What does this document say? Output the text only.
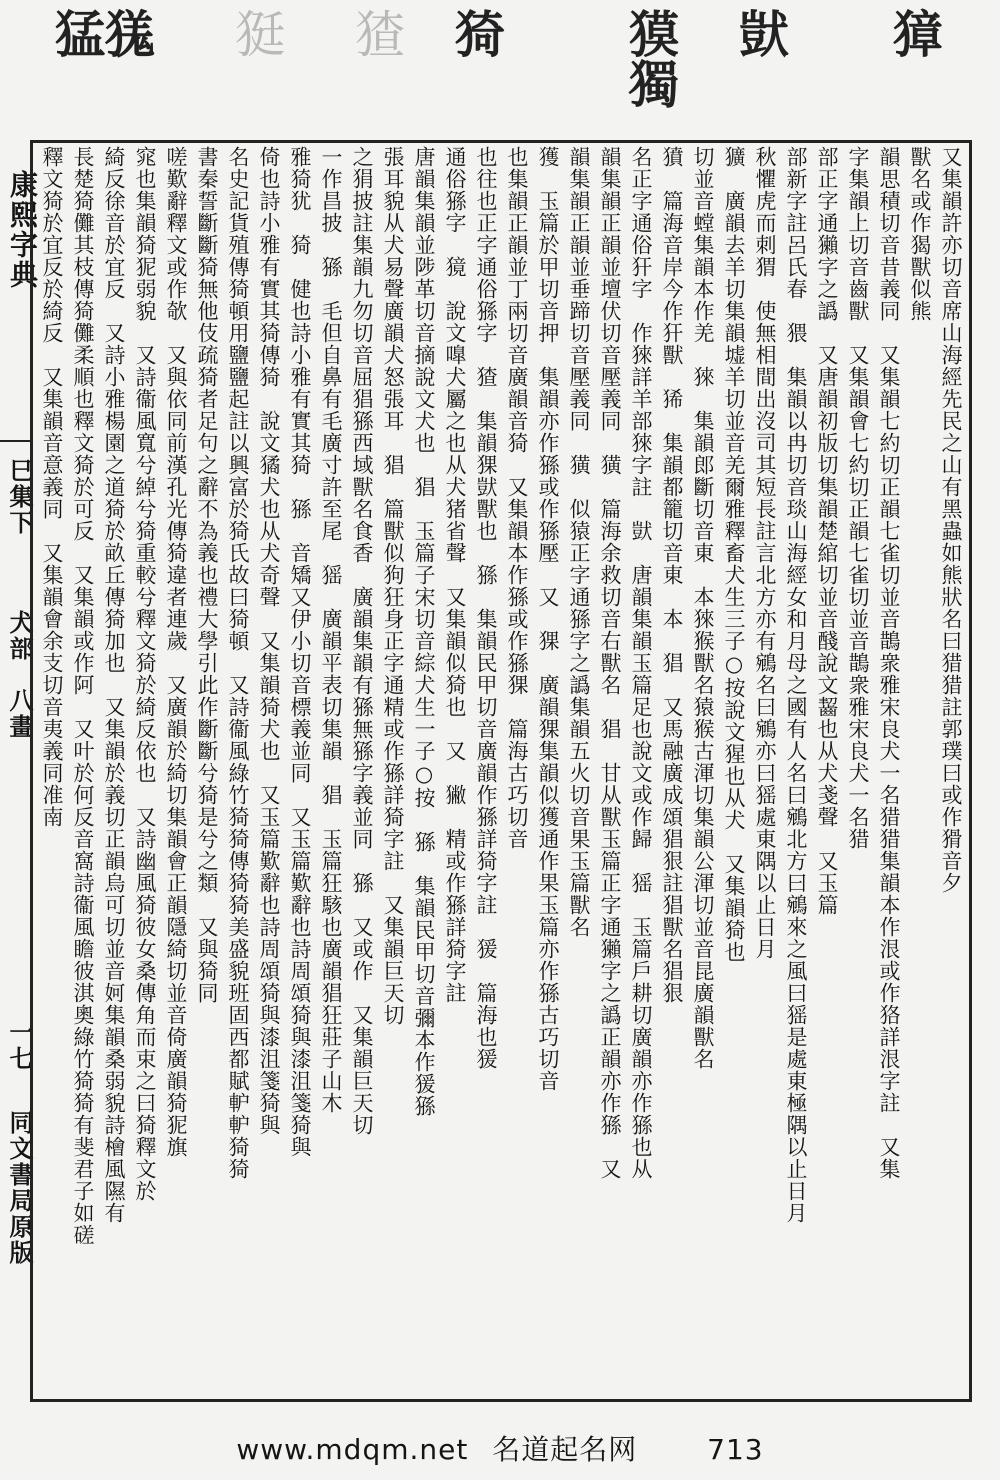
獐
獃
獏獨
猗
猹
㹶
猛獇
康熙字典
巳集下
犬部　八畫
一七
同文書局原版
又集韻許亦切音席山海經先民之山有黑蟲如熊狀名曰猎猎註郭璞曰或作猾音夕
獸名或作猲獸似熊
韻思積切音昔義同　又集韻七約切正韻七雀切並音鵲衆雅宋良犬一名猎猎集韻本作泿或作狢詳泿字註　又集
字集韻上切音齒獸　又集韻會七約切正韻七雀切並音鵲衆雅宋良犬一名猎
部正字通獺字之譌　又唐韻初版切集韻楚綰切並音醆說文齧也从犬戔聲　又玉篇
部新字註呂氏春　猥　集韻以冉切音琰山海經女和月母之國有人名曰鵷北方曰鵷來之風曰猺是處東極隅以止日月
秋懼虎而刺猬　使無相間出沒司其短長註言北方亦有鵷名曰鵷亦曰猺處東隅以止日月
獷　廣韻去羊切集韻墟羊切並音羌爾雅釋畜犬生三子○按說文猩也从犬　又集韻猗也
切並音螳集韻本作羌　猍　集韻郎斷切音東　本猍猴獸名猿猴古渾切集韻公渾切並音昆廣韻獸名
獖　篇海音岸今作犴獸　狶　集韻都籠切音東　本　猖　又馬融廣成頌猖狠註猖獸名猖狠
名正字通俗犴字　作猍詳羊部猍字註　獃　唐韻集韻玉篇足也說文或作歸　猺　玉篇戶耕切廣韻亦作猻也从
韻集韻正韻並壇伏切音壓義同　獚　篇海余救切音右獸名　猖　甘从獸玉篇正字通獺字之譌正韻亦作猻　又
韻集韻正韻並垂蹄切音壓義同　獚　似猿正字通猻字之譌集韻五火切音果玉篇獸名
獲　玉篇於甲切音押　集韻亦作猻或作猻壓　又　猓　廣韻猓集韻似獲通作果玉篇亦作猻古巧切音
也集韻正韻並丁兩切音廣韻音猗　又集韻本作猻或作猻猓　篇海古巧切音
也往也正字通俗猻字　猹　集韻猓獃獸也　猻　集韻民甲切音廣韻作猻詳猗字註　猨　篇海也猨
通俗猻字　獍　說文嘷犬屬之也从犬猪省聲　又集韻似猗也　又　獙　精或作猻詳猗字註
唐韻集韻並陟革切音摘說文犬也　猖　玉篇子宋切音綜犬生一子○按　猻　集韻民甲切音彌本作猨猻
張耳貌从犬易聲廣韻犬怒張耳　猖　篇獸似狗狂身正字通精或作猻詳猗字註　又集韻巨天切
之狷披註集韻九勿切音屈猖猻西域獸名食香　廣韻集韻有猻無猻字義並同　猻　又或作　又集韻巨天切
一作昌披　猻　毛但自鼻有毛廣寸許至尾　猺　廣韻平表切集韻　猖　玉篇狂駭也廣韻猖狂莊子山木
雅猗犹　猗　健也詩小雅有實其猗　猻　音矯又伊小切音標義並同　又玉篇歎辭也詩周頌猗與漆沮箋猗與
倚也詩小雅有實其猗傳猗　說文獝犬也从犬奇聲　又集韻猗犬也　又玉篇歎辭也詩周頌猗與漆沮箋猗與
名史記貨殖傳猗頓用鹽鹽起註以興富於猗氏故曰猗頓　又詩衞風綠竹猗猗傳猗猗美盛貌班固西都賦䡎䡎猗猗
書秦誓斷斷猗無他伎疏猗者足句之辭不為義也禮大學引此作斷斷兮猗是兮之類　又與猗同
嗟歎辭釋文或作欹　又與依同前漢孔光傳猗違者連歲　又廣韻於綺切集韻會正韻隱綺切並音倚廣韻猗狔旗
窕也集韻猗狔弱貌　又詩衞風寬兮綽兮猗重較兮釋文猗於綺反依也　又詩幽風猗彼女桑傳角而束之曰猗釋文於
綺反徐音於宜反　又詩小雅楊園之道猗於畝丘傳猗加也　又集韻於義切正韻烏可切並音妸集韻桑弱貌詩檜風隰有
長楚猗儺其枝傳猗儺柔順也釋文猗於可反　又集韻或作阿　又叶於何反音窩詩衞風瞻彼淇奧綠竹猗猗有斐君子如磋
釋文猗於宜反於綺反　又集韻音意義同　又集韻會余支切音夷義同准南
www.mdqm.net 名道起名网 713
